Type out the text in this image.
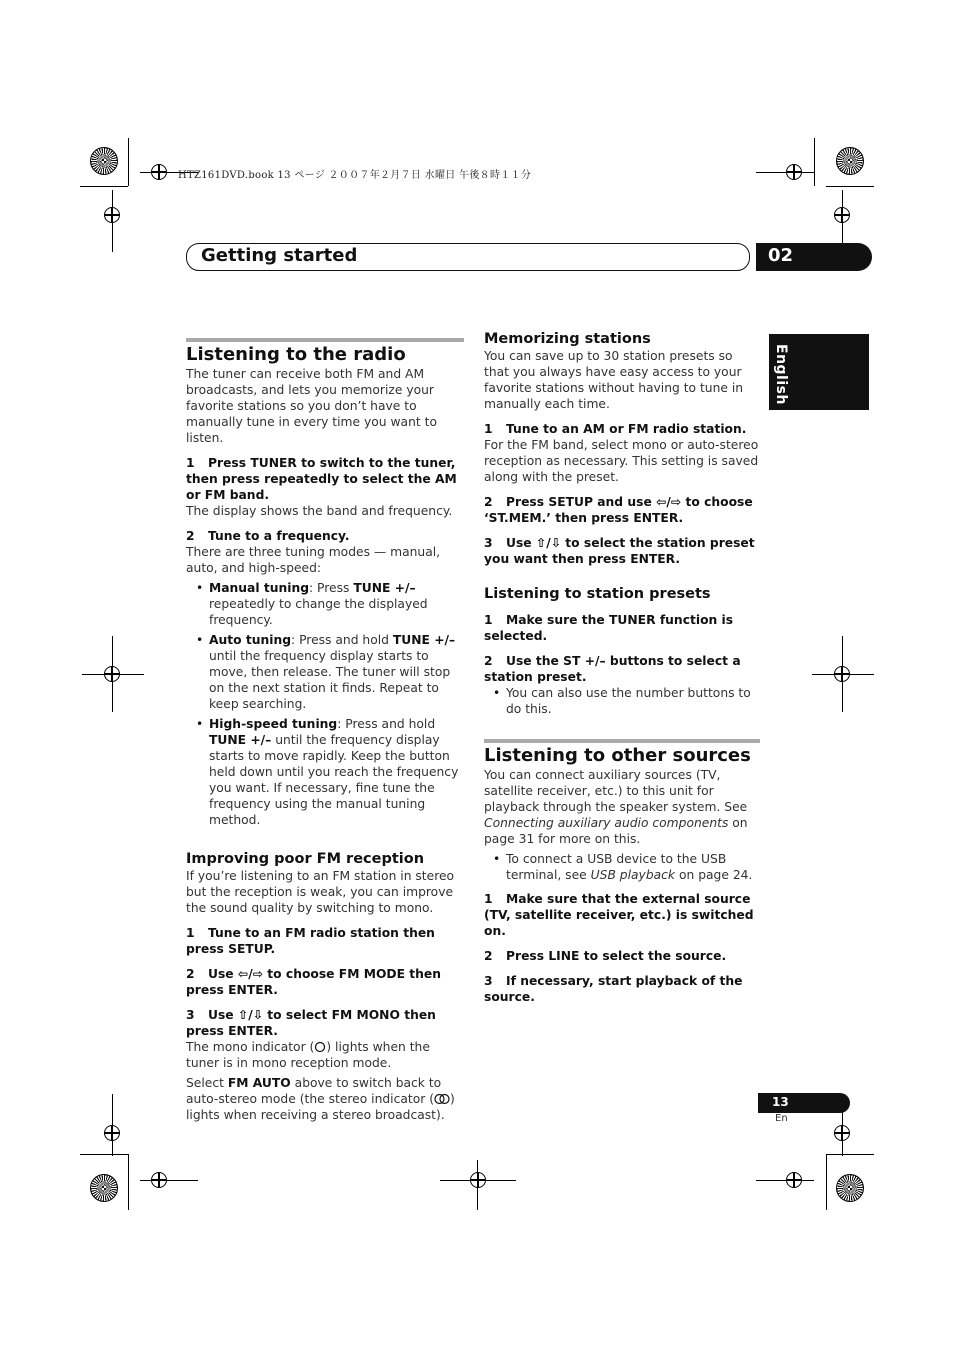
HTZ161DVD.book 13 ページ ２００７年２月７日 水曜日 午後８時１１分
Getting started	02
English
Listening to the radio

The tuner can receive both FM and AM broadcasts, and lets you memorize your favorite stations so you don’t have to manually tune in every time you want to listen.

1 Press TUNER to switch to the tuner, then press repeatedly to select the AM or FM band.

The display shows the band and frequency.

2 Tune to a frequency.

There are three tuning modes — manual, auto, and high-speed:

• Manual tuning: Press TUNE +/– repeatedly to change the displayed frequency.
• Auto tuning: Press and hold TUNE +/– until the frequency display starts to move, then release. The tuner will stop on the next station it finds. Repeat to keep searching.
• High-speed tuning: Press and hold TUNE +/– until the frequency display starts to move rapidly. Keep the button held down until you reach the frequency you want. If necessary, fine tune the frequency using the manual tuning method.
Improving poor FM reception

If you’re listening to an FM station in stereo but the reception is weak, you can improve the sound quality by switching to mono.

1 Tune to an FM radio station then press SETUP.

2 Use ⇦/⇨ to choose FM MODE then press ENTER.

3 Use ⇧/⇩ to select FM MONO then press ENTER.

The mono indicator ( ) lights when the tuner is in mono reception mode.

Select FM AUTO above to switch back to auto-stereo mode (the stereo indicator ( ) lights when receiving a stereo broadcast).

Memorizing stations

You can save up to 30 station presets so that you always have easy access to your favorite stations without having to tune in manually each time.

1 Tune to an AM or FM radio station.

For the FM band, select mono or auto-stereo reception as necessary. This setting is saved along with the preset.

2 Press SETUP and use ⇦/⇨ to choose ‘ST.MEM.’ then press ENTER.

3 Use ⇧/⇩ to select the station preset you want then press ENTER.

Listening to station presets

1 Make sure the TUNER function is selected.

2 Use the ST +/– buttons to select a station preset.

• You can also use the number buttons to do this.
Listening to other sources

You can connect auxiliary sources (TV, satellite receiver, etc.) to this unit for playback through the speaker system. See Connecting auxiliary audio components on page 31 for more on this.

• To connect a USB device to the USB terminal, see USB playback on page 24.

1 Make sure that the external source (TV, satellite receiver, etc.) is switched on.

2 Press LINE to select the source.

3 If necessary, start playback of the source.

13
En
